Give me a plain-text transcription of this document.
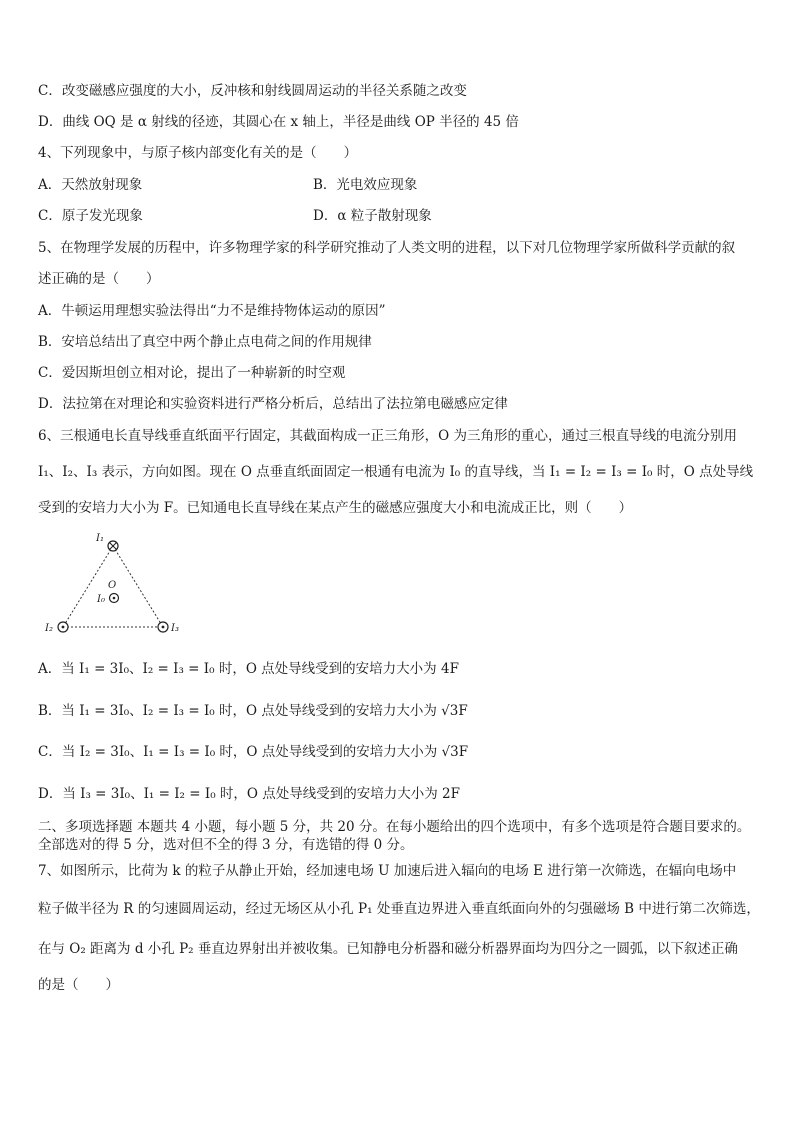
C．改变磁感应强度的大小，反冲核和射线圆周运动的半径关系随之改变
D．曲线 OQ 是 α 射线的径迹，其圆心在 x 轴上，半径是曲线 OP 半径的 45 倍
4、下列现象中，与原子核内部变化有关的是（　　）
A．天然放射现象	B．光电效应现象
C．原子发光现象	D．α 粒子散射现象
5、在物理学发展的历程中，许多物理学家的科学研究推动了人类文明的进程，以下对几位物理学家所做科学贡献的叙
述正确的是（　　）
A．牛顿运用理想实验法得出“力不是维持物体运动的原因”
B．安培总结出了真空中两个静止点电荷之间的作用规律
C．爱因斯坦创立相对论，提出了一种崭新的时空观
D．法拉第在对理论和实验资料进行严格分析后，总结出了法拉第电磁感应定律
6、三根通电长直导线垂直纸面平行固定，其截面构成一正三角形，O 为三角形的重心，通过三根直导线的电流分别用
I₁、I₂、I₃ 表示，方向如图。现在 O 点垂直纸面固定一根通有电流为 I₀ 的直导线，当 I₁ = I₂ = I₃ = I₀ 时，O 点处导线
受到的安培力大小为 F。已知通电长直导线在某点产生的磁感应强度大小和电流成正比，则（　　）
I₁
I₂	I₃
O
I₀
A．当 I₁ = 3I₀、I₂ = I₃ = I₀ 时，O 点处导线受到的安培力大小为 4F
B．当 I₁ = 3I₀、I₂ = I₃ = I₀ 时，O 点处导线受到的安培力大小为 √3F
C．当 I₂ = 3I₀、I₁ = I₃ = I₀ 时，O 点处导线受到的安培力大小为 √3F
D．当 I₃ = 3I₀、I₁ = I₂ = I₀ 时，O 点处导线受到的安培力大小为 2F
二、多项选择题 本题共 4 小题，每小题 5 分，共 20 分。在每小题给出的四个选项中，有多个选项是符合题目要求的。
全部选对的得 5 分，选对但不全的得 3 分，有选错的得 0 分。
7、如图所示，比荷为 k 的粒子从静止开始，经加速电场 U 加速后进入辐向的电场 E 进行第一次筛选，在辐向电场中
粒子做半径为 R 的匀速圆周运动，经过无场区从小孔 P₁ 处垂直边界进入垂直纸面向外的匀强磁场 B 中进行第二次筛选，
在与 O₂ 距离为 d 小孔 P₂ 垂直边界射出并被收集。已知静电分析器和磁分析器界面均为四分之一圆弧，以下叙述正确
的是（　　）
